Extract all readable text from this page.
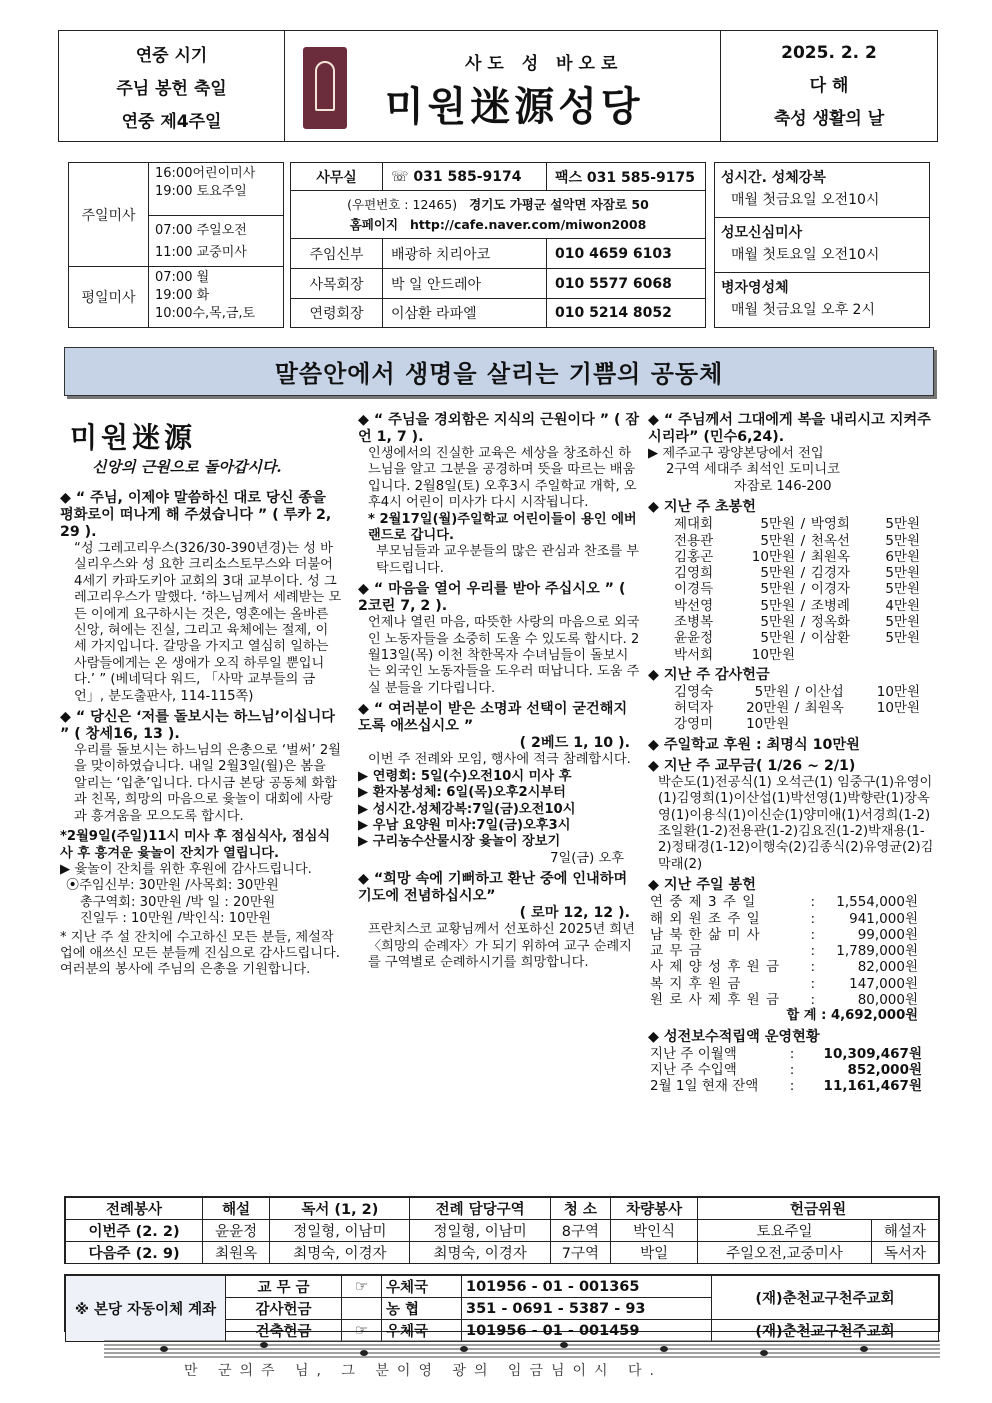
연중 시기
주님 봉헌 축일
연중 제4주일
사도 성 바오로
미원迷源성당
2025. 2. 2
다 해
축성 생활의 날
주일미사
16:00어린이미사
19:00 토요주일
07:00 주일오전
11:00 교중미사
평일미사
07:00 월
19:00 화
10:00수,목,금,토
사무실	☏ 031 585-9174	팩스 031 585-9175
(우편번호 : 12465) 경기도 가평군 설악면 자잠로 50
홈페이지 http://cafe.naver.com/miwon2008
주임신부	배광하 치리아코	010 4659 6103
사목회장	박 일 안드레아	010 5577 6068
연령회장	이삼환 라파엘	010 5214 8052
성시간. 성체강복
매월 첫금요일 오전10시
성모신심미사
매월 첫토요일 오전10시
병자영성체
매월 첫금요일 오후 2시
말씀안에서 생명을 살리는 기쁨의 공동체
미원迷源
신앙의 근원으로 돌아갑시다.

◆ “ 주님, 이제야 말씀하신 대로 당신 종을 평화로이 떠나게 해 주셨습니다 ” ( 루카 2, 29 ).

“성 그레고리우스(326/30-390년경)는 성 바실리우스와 성 요한 크리소스토무스와 더불어 4세기 카파도키아 교회의 3대 교부이다. 성 그레고리우스가 말했다. ‘하느님께서 세례받는 모든 이에게 요구하시는 것은, 영혼에는 올바른 신앙, 혀에는 진실, 그리고 육체에는 절제, 이 세 가지입니다. 갈망을 가지고 열심히 일하는 사람들에게는 온 생애가 오직 하루일 뿐입니다.’ ” (베네딕다 워드, 「사막 교부들의 금언」, 분도출판사, 114-115쪽)

◆ “ 당신은 ‘저를 돌보시는 하느님’이십니다 ” ( 창세16, 13 ).

우리를 돌보시는 하느님의 은총으로 ‘벌써’ 2월을 맞이하였습니다. 내일 2월3일(월)은 봄을 알리는 ‘입춘’입니다. 다시금 본당 공동체 화합과 친목, 희망의 마음으로 윷놀이 대회에 사랑과 흥겨움을 모으도록 합시다.

*2월9일(주일)11시 미사 후 점심식사, 점심식사 후 흥겨운 윷놀이 잔치가 열립니다.

▶ 윷놀이 잔치를 위한 후원에 감사드립니다.

⦿주임신부: 30만원 /사목회: 30만원

총구역회: 30만원 /박 일 : 20만원

진일두 : 10만원 /박인식: 10만원

* 지난 주 설 잔치에 수고하신 모든 분들, 제설작업에 애쓰신 모든 분들께 진심으로 감사드립니다. 여러분의 봉사에 주님의 은총을 기원합니다.

◆ “ 주님을 경외함은 지식의 근원이다 ” ( 잠언 1, 7 ).

인생에서의 진실한 교육은 세상을 창조하신 하느님을 알고 그분을 공경하며 뜻을 따르는 배움 입니다. 2월8일(토) 오후3시 주일학교 개학, 오후4시 어린이 미사가 다시 시작됩니다.

* 2월17일(월)주일학교 어린이들이 용인 에버랜드로 갑니다.

부모님들과 교우분들의 많은 관심과 찬조를 부탁드립니다.

◆ “ 마음을 열어 우리를 받아 주십시오 ” ( 2코린 7, 2 ).

언제나 열린 마음, 따뜻한 사랑의 마음으로 외국인 노동자들을 소중히 도울 수 있도록 합시다. 2월13일(목) 이천 착한목자 수녀님들이 돌보시는 외국인 노동자들을 도우러 떠납니다. 도움 주실 분들을 기다립니다.

◆ “ 여러분이 받은 소명과 선택이 굳건해지도록 애쓰십시오 ”

( 2베드 1, 10 ).

이번 주 전례와 모임, 행사에 적극 참례합시다.

▶ 연령회: 5일(수)오전10시 미사 후

▶ 환자봉성체: 6일(목)오후2시부터

▶ 성시간.성체강복:7일(금)오전10시

▶ 우남 요양원 미사:7일(금)오후3시

▶ 구리농수산물시장 윷놀이 장보기

7일(금) 오후

◆ “희망 속에 기뻐하고 환난 중에 인내하며 기도에 전념하십시오”

( 로마 12, 12 ).

프란치스코 교황님께서 선포하신 2025년 희년 〈희망의 순례자〉가 되기 위하여 교구 순례지를 구역별로 순례하시기를 희망합니다.

◆ “ 주님께서 그대에게 복을 내리시고 지켜주시리라” (민수6,24).

▶ 제주교구 광양본당에서 전입

2구역 세대주 최석인 도미니코

자잠로 146-200

◆ 지난 주 초봉헌

제대회	5만원	/	박영희	5만원
전용관	5만원	/	천옥선	5만원
김홍곤	10만원	/	최원옥	6만원
김영희	5만원	/	김경자	5만원
이경득	5만원	/	이경자	5만원
박선영	5만원	/	조병례	4만원
조병복	5만원	/	정옥화	5만원
윤윤정	5만원	/	이삼환	5만원
박서희	10만원			

◆ 지난 주 감사헌금

김영숙	5만원	/	이산섭	10만원
허덕자	20만원	/	최원옥	10만원
강영미	10만원			

◆ 주일학교 후원 : 최명식 10만원

◆ 지난 주 교무금( 1/26 ~ 2/1)

박순도(1)전공식(1) 오석근(1) 임중구(1)유영이(1)김영희(1)이산섭(1)박선영(1)박향란(1)장옥영(1)이용식(1)이신순(1)양미애(1)서경희(1-2)조일환(1-2)전용관(1-2)김요진(1-2)박재용(1-2)정태경(1-12)이행숙(2)김종식(2)유영균(2)김막래(2)

◆ 지난 주일 봉헌

연 중 제 3 주 일	:	1,554,000원
해 외 원 조 주 일	:	941,000원
남 북 한 삶 미 사	:	99,000원
교 무 금	:	1,789,000원
사 제 양 성 후 원 금	:	82,000원
복 지 후 원 금	:	147,000원
원 로 사 제 후 원 금	:	80,000원
합 계 : 4,692,000원

◆ 성전보수적립액 운영현황

지난 주 이월액	:	10,309,467원
지난 주 수입액	:	852,000원
2월 1일 현재 잔액	:	11,161,467원
전례봉사	해설	독서 (1, 2)	전례 담당구역	청 소	차량봉사	헌금위원	
이번주 (2. 2)	윤윤정	정일형, 이남미	정일형, 이남미	8구역	박인식	토요주일	해설자
다음주 (2. 9)	최원옥	최명숙, 이경자	최명숙, 이경자	7구역	박일	주일오전,교중미사	독서자
※ 본당 자동이체 계좌	교 무 금	☞	우체국	101956 - 01 - 001365	(재)춘천교구천주교회
	감사헌금		농 협	351 - 0691 - 5387 - 93	
	건축헌금	☞	우체국	101956 - 01 - 001459	(재)춘천교구천주교회
만 군의주 님, 그 분이영 광의 임금님이시 다.
